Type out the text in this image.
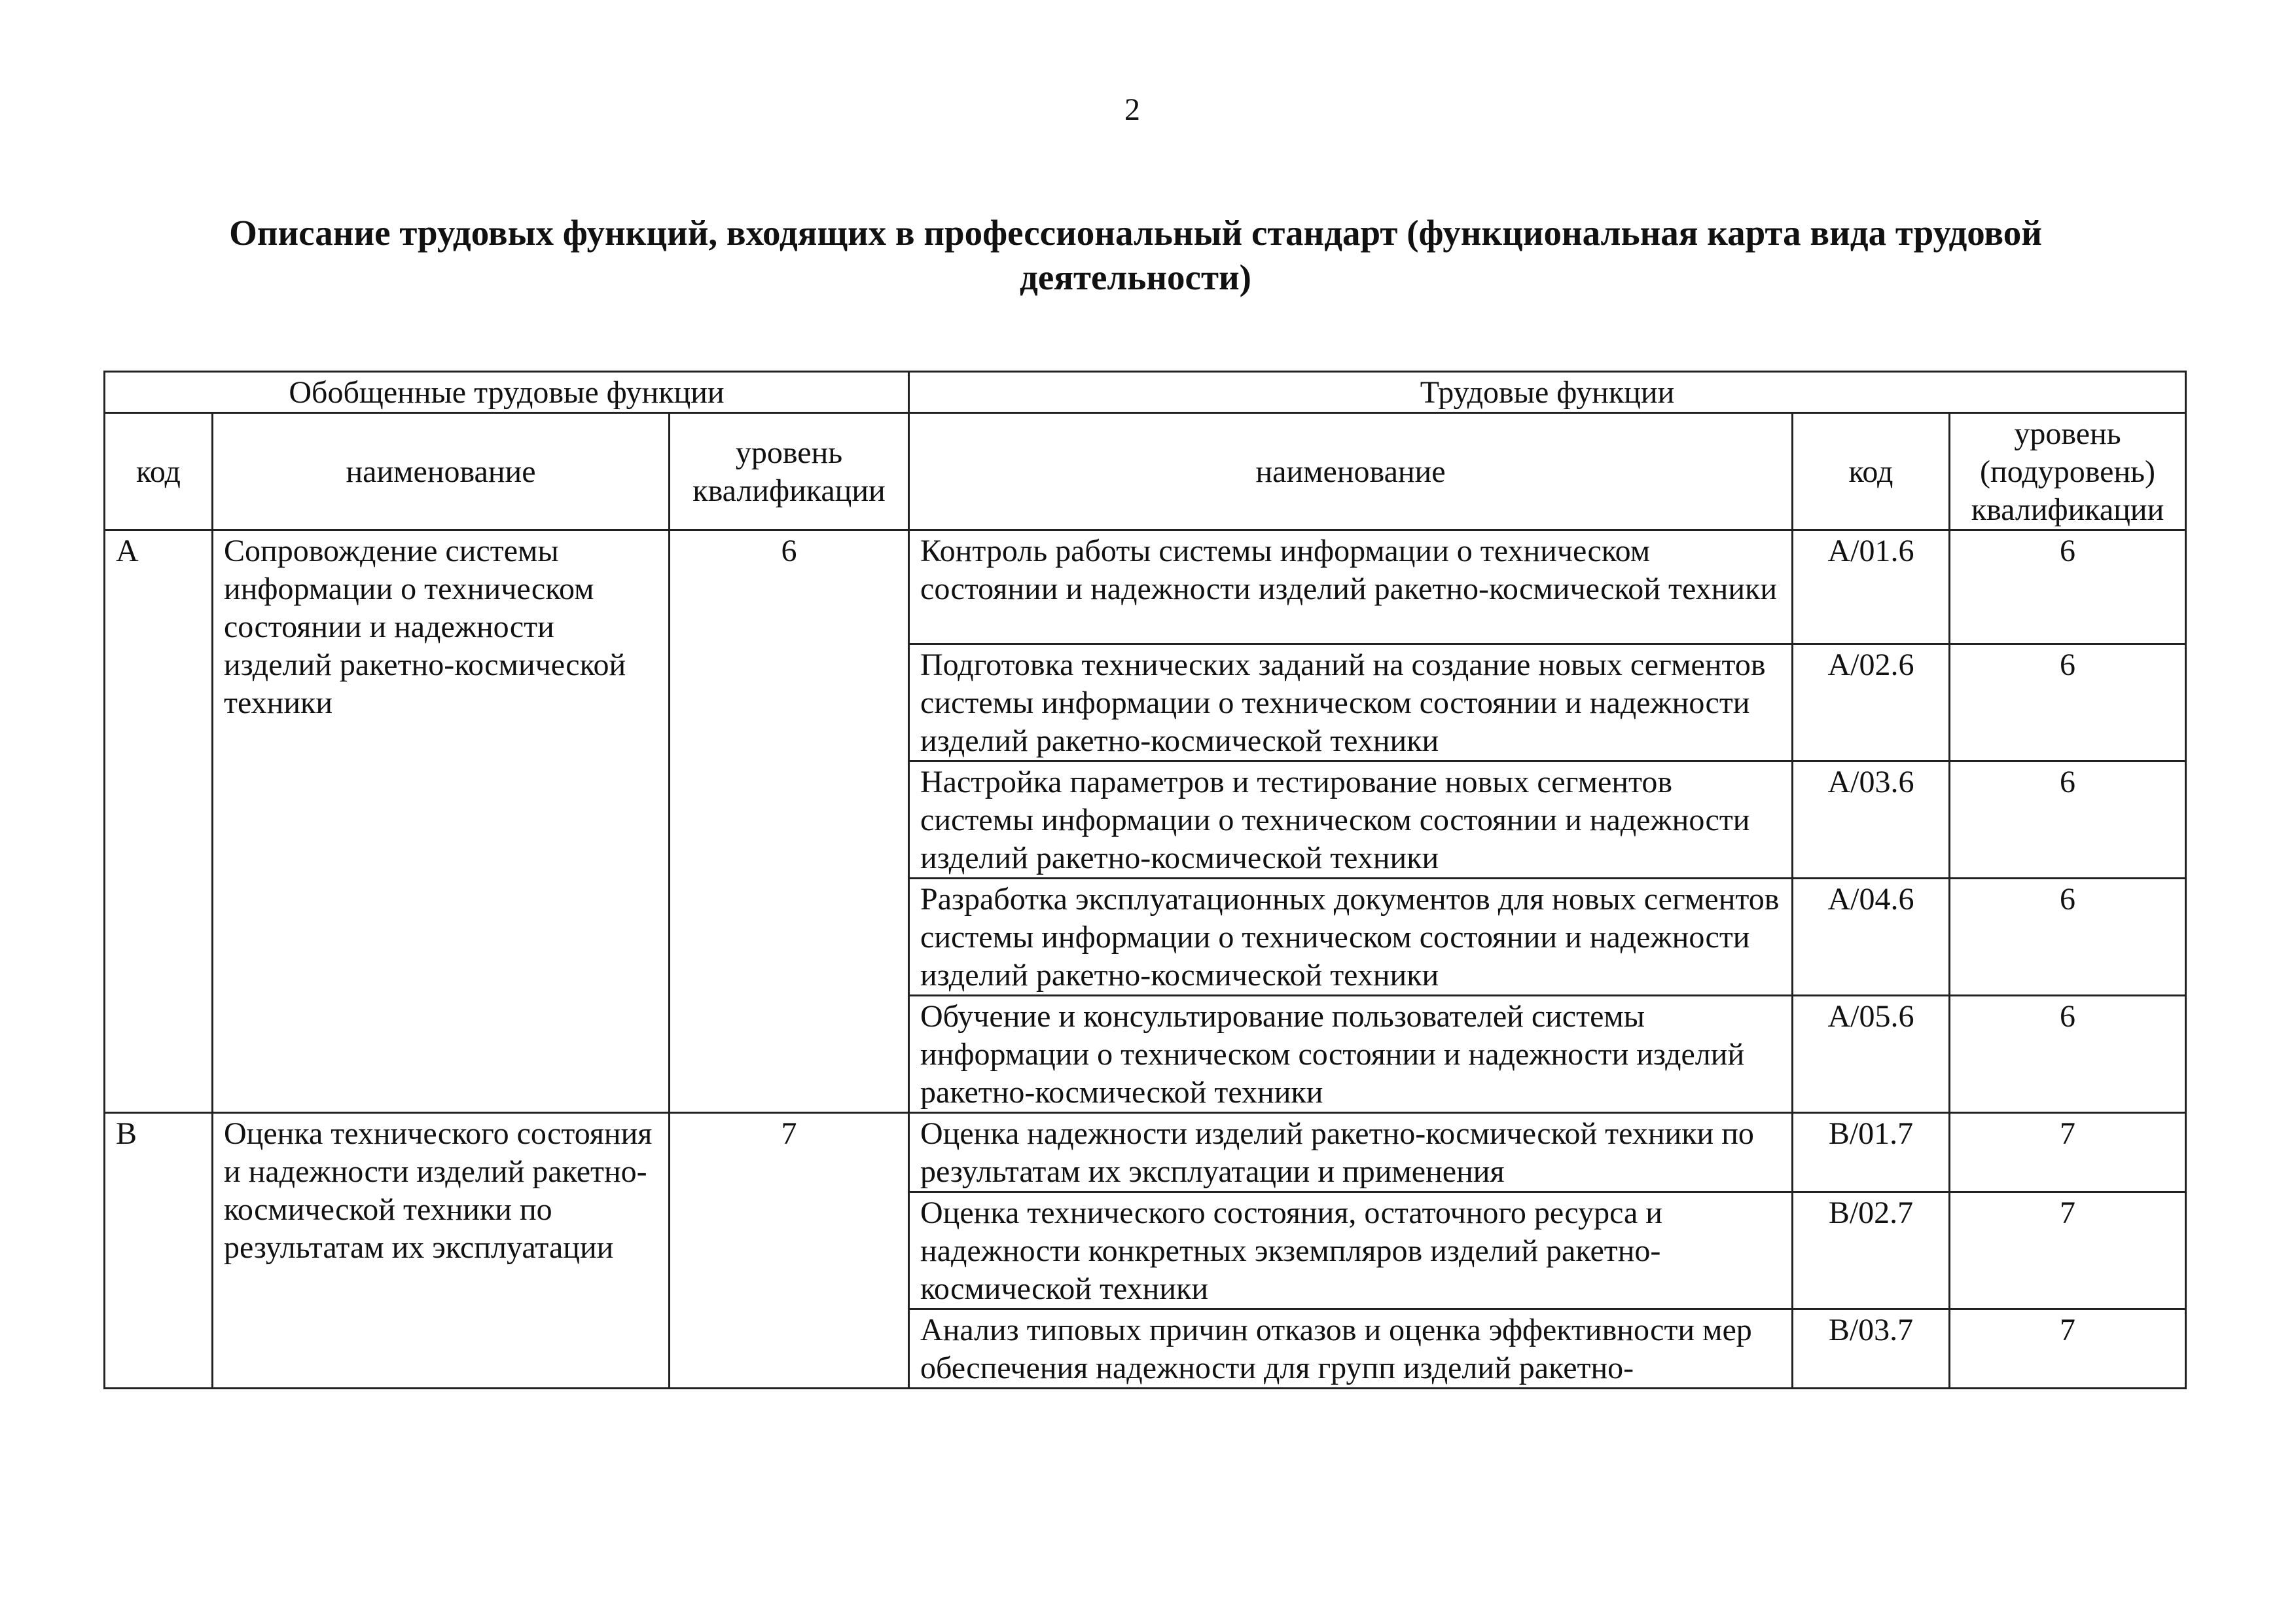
2
Описание трудовых функций, входящих в профессиональный стандарт (функциональная карта вида трудовой
деятельности)
Обобщенные трудовые функции			Трудовые функции		
код	наименование	уровень квалификации	наименование	код	уровень (подуровень) квалификации
А	Сопровождение системы информации о техническом состоянии и надежности изделий ракетно-космической техники	6	Контроль работы системы информации о техническом состоянии и надежности изделий ракетно-космической техники	A/01.6	6
			Подготовка технических заданий на создание новых сегментов системы информации о техническом состоянии и надежности изделий ракетно-космической техники	A/02.6	6
			Настройка параметров и тестирование новых сегментов системы информации о техническом состоянии и надежности изделий ракетно-космической техники	A/03.6	6
			Разработка эксплуатационных документов для новых сегментов системы информации о техническом состоянии и надежности изделий ракетно-космической техники	A/04.6	6
			Обучение и консультирование пользователей системы информации о техническом состоянии и надежности изделий ракетно-космической техники	A/05.6	6
В	Оценка технического состояния и надежности изделий ракетно-космической техники по результатам их эксплуатации	7	Оценка надежности изделий ракетно-космической техники по результатам их эксплуатации и применения	B/01.7	7
			Оценка технического состояния, остаточного ресурса и надежности конкретных экземпляров изделий ракетно-космической техники	B/02.7	7
			Анализ типовых причин отказов и оценка эффективности мер обеспечения надежности для групп изделий ракетно-	B/03.7	7
